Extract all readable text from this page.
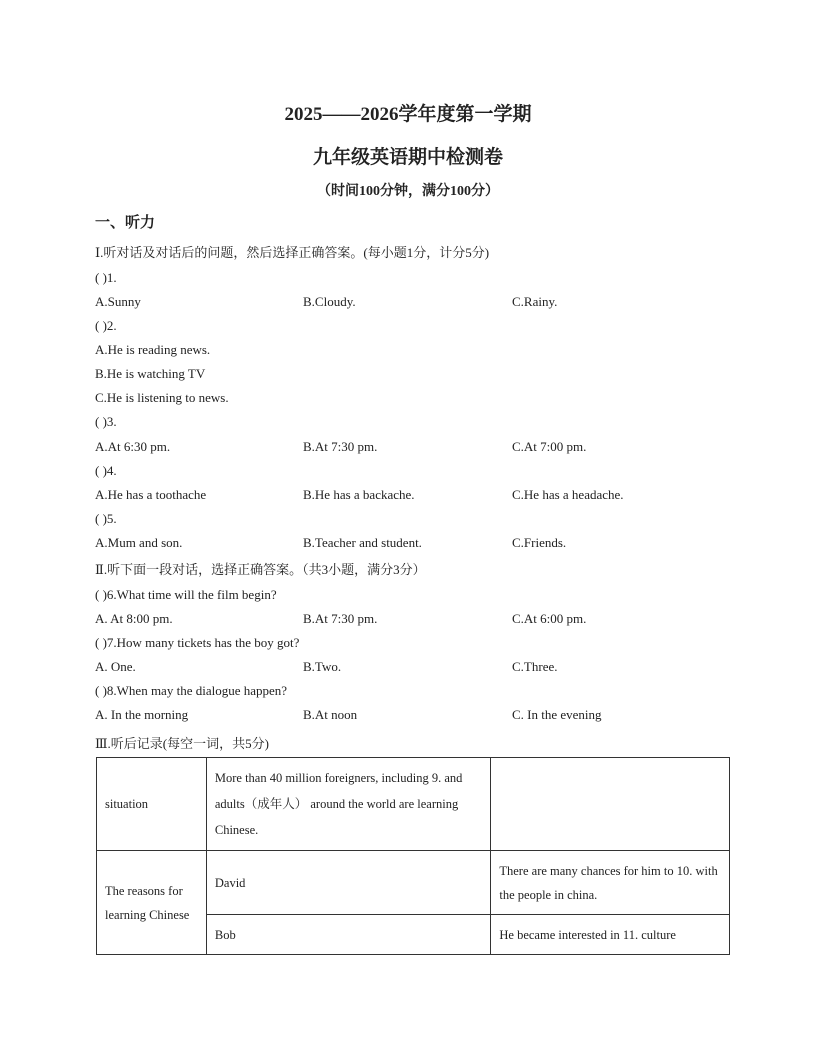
2025——2026学年度第一学期
九年级英语期中检测卷
（时间100分钟，满分100分）
一、听力
Ⅰ.听对话及对话后的问题，然后选择正确答案。(每小题1分，计分5分)
( )1.
A.Sunny	B.Cloudy.	C.Rainy.
( )2.
A.He is reading news.
B.He is watching TV
C.He is listening to news.
( )3.
A.At 6:30 pm.	B.At 7:30 pm.	C.At 7:00 pm.
( )4.
A.He has a toothache	B.He has a backache.	C.He has a headache.
( )5.
A.Mum and son.	B.Teacher and student.	C.Friends.
Ⅱ.听下面一段对话，选择正确答案。（共3小题，满分3分）
( )6.What time will the film begin?
A. At 8:00 pm.	B.At 7:30 pm.	C.At 6:00 pm.
( )7.How many tickets has the boy got?
A. One.	B.Two.	C.Three.
( )8.When may the dialogue happen?
A. In the morning	B.At noon	C. In the evening
Ⅲ.听后记录(每空一词，共5分)
situation	More than 40 million foreigners, including 9. and adults（成年人） around the world are learning Chinese.	
The reasons for learning Chinese	David	There are many chances for him to 10. with the people in china.
	Bob	He became interested in 11. culture
